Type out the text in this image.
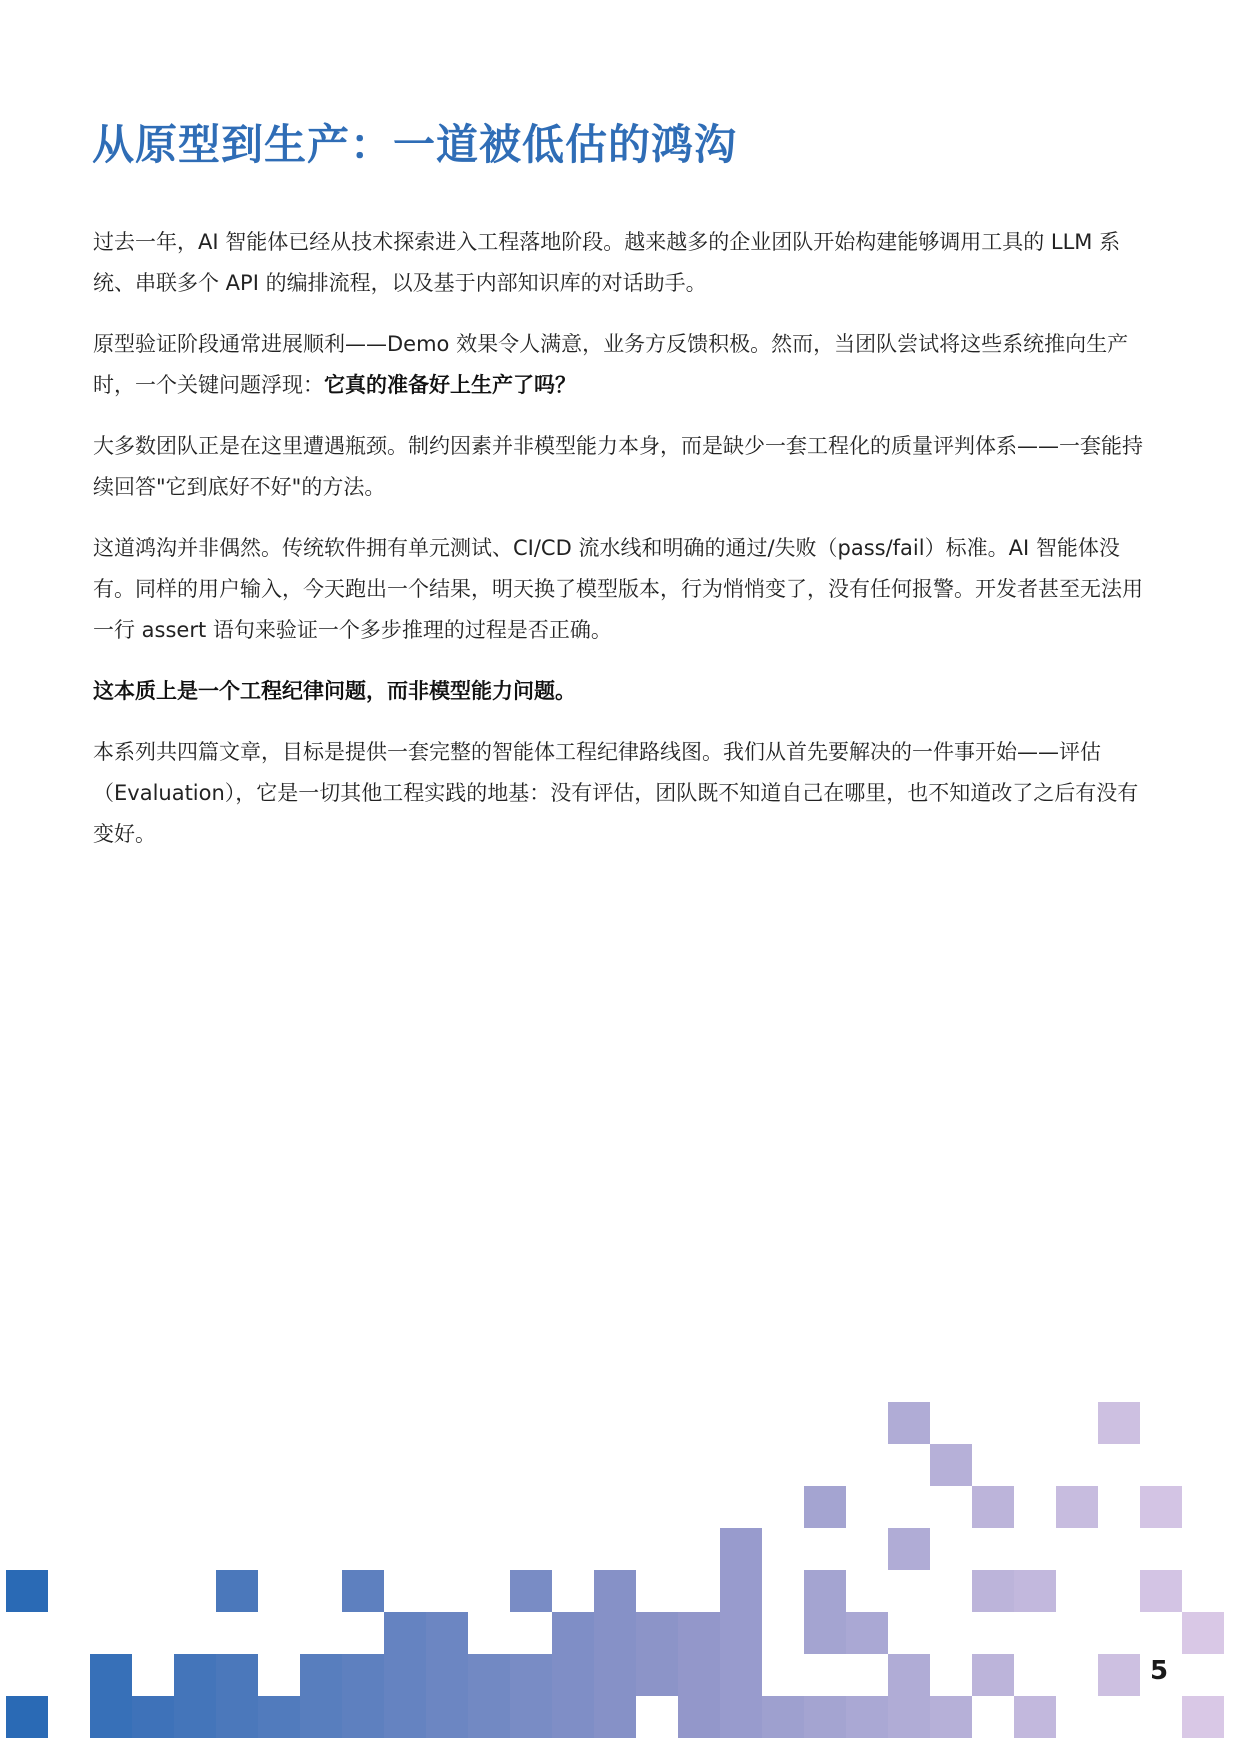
从原型到生产：一道被低估的鸿沟

过去一年，AI 智能体已经从技术探索进入工程落地阶段。越来越多的企业团队开始构建能够调用工具的 LLM 系统、串联多个 API 的编排流程，以及基于内部知识库的对话助手。

原型验证阶段通常进展顺利——Demo 效果令人满意，业务方反馈积极。然而，当团队尝试将这些系统推向生产时，一个关键问题浮现：它真的准备好上生产了吗？

大多数团队正是在这里遭遇瓶颈。制约因素并非模型能力本身，而是缺少一套工程化的质量评判体系——一套能持续回答"它到底好不好"的方法。

这道鸿沟并非偶然。传统软件拥有单元测试、CI/CD 流水线和明确的通过/失败（pass/fail）标准。AI 智能体没有。同样的用户输入，今天跑出一个结果，明天换了模型版本，行为悄悄变了，没有任何报警。开发者甚至无法用一行 assert 语句来验证一个多步推理的过程是否正确。

这本质上是一个工程纪律问题，而非模型能力问题。

本系列共四篇文章，目标是提供一套完整的智能体工程纪律路线图。我们从首先要解决的一件事开始——评估（Evaluation），它是一切其他工程实践的地基：没有评估，团队既不知道自己在哪里，也不知道改了之后有没有变好。

5
